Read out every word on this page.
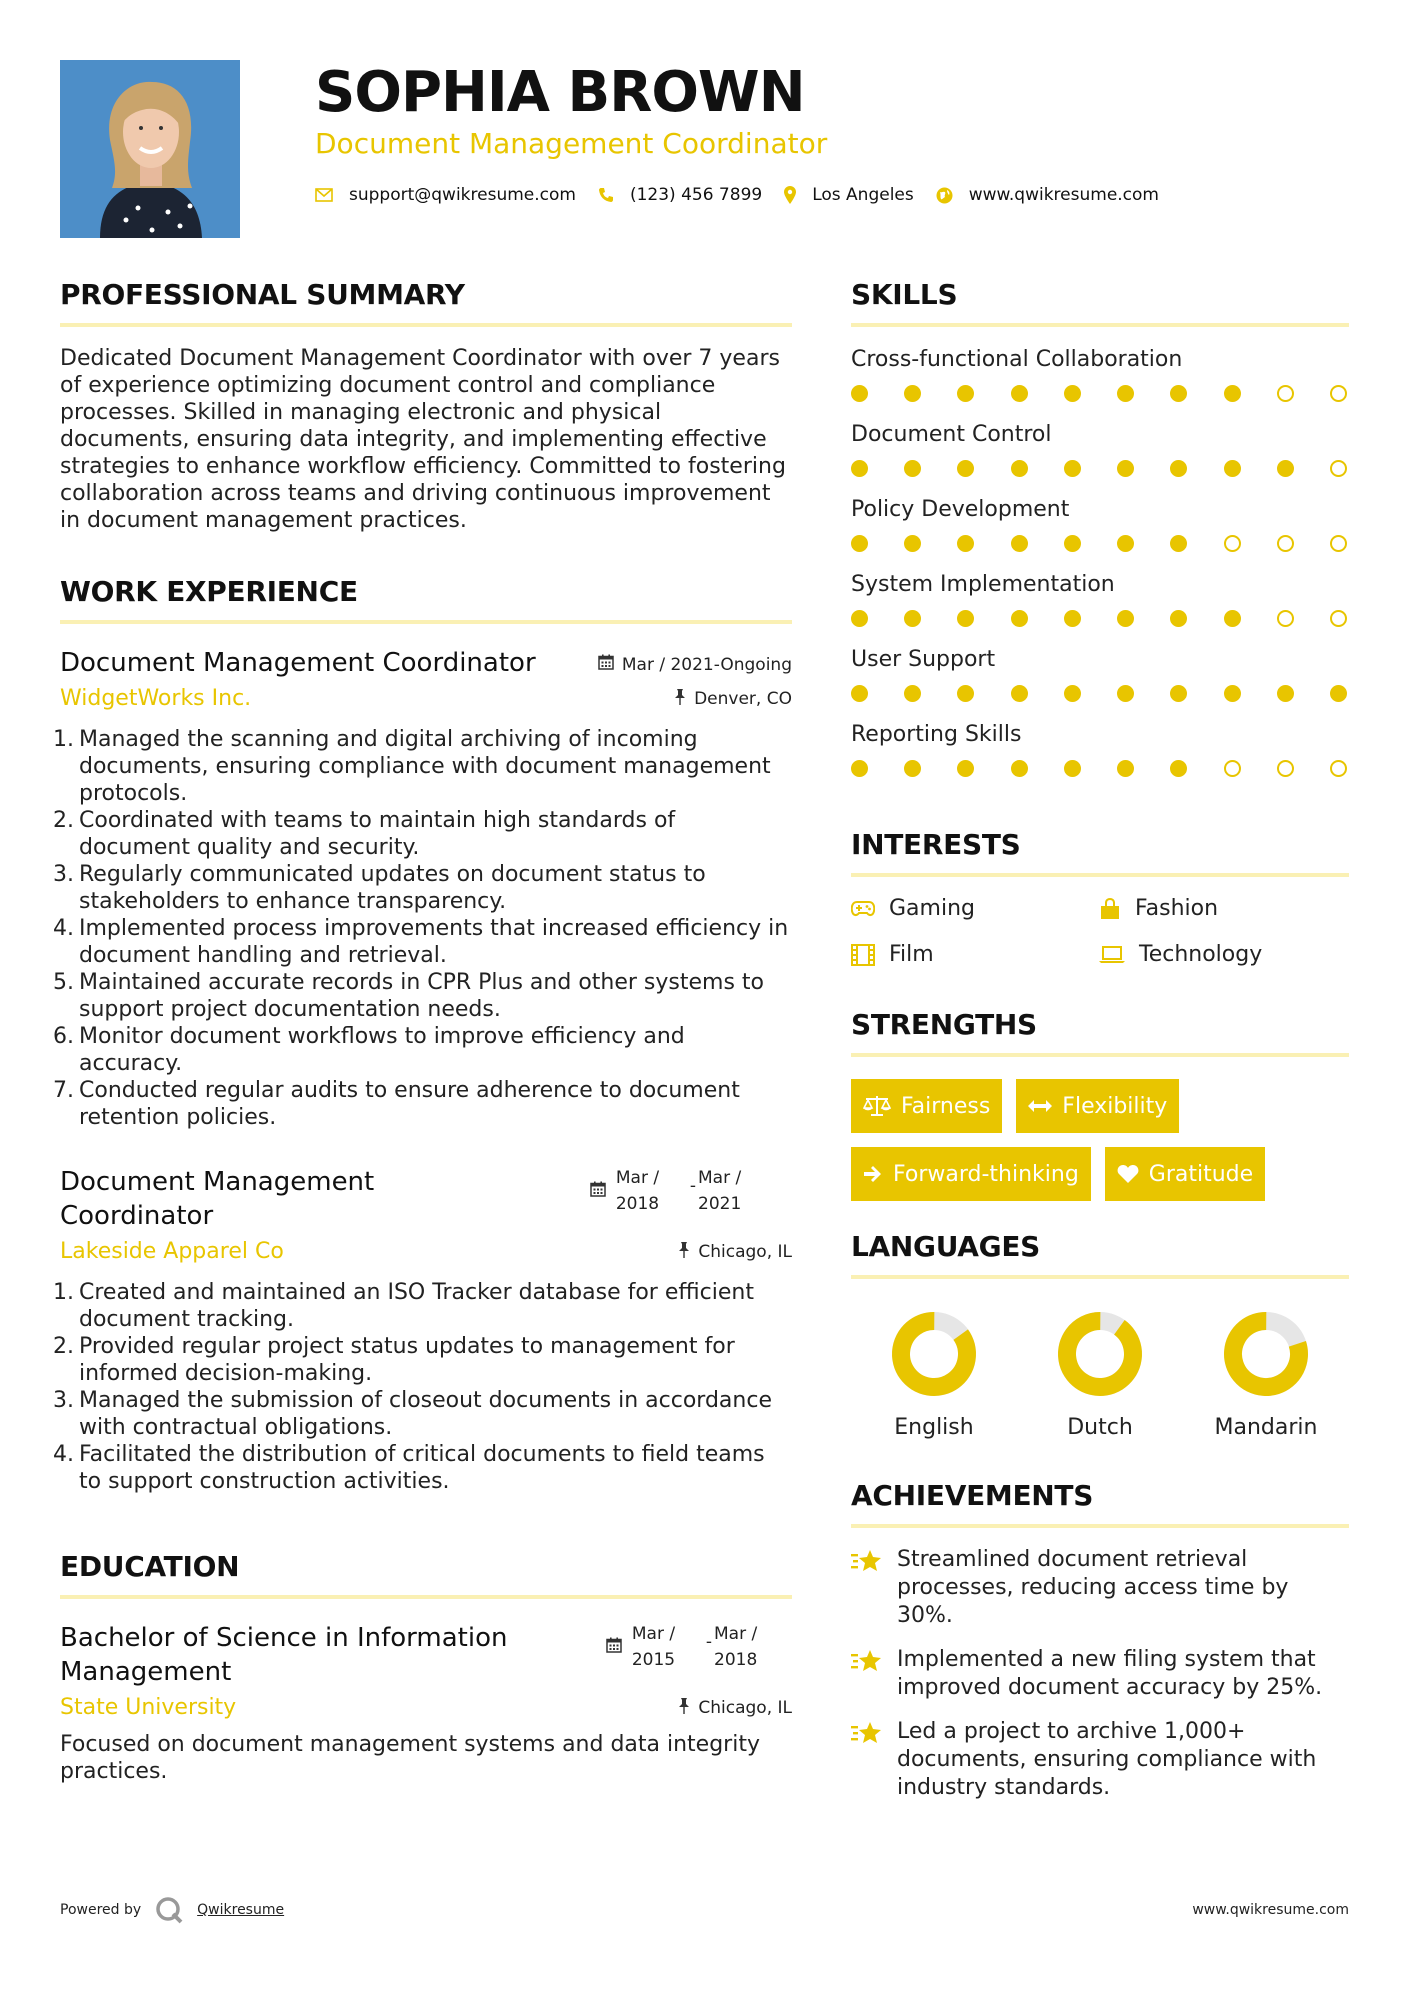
SOPHIA BROWN
Document Management Coordinator
support@qwikresume.com	(123) 456 7899	Los Angeles	www.qwikresume.com
PROFESSIONAL SUMMARY

Dedicated Document Management Coordinator with over 7 years of experience optimizing document control and compliance processes. Skilled in managing electronic and physical documents, ensuring data integrity, and implementing effective strategies to enhance workflow efficiency. Committed to fostering collaboration across teams and driving continuous improvement in document management practices.

WORK EXPERIENCE
Document Management Coordinator	Mar / 2021-Ongoing
WidgetWorks Inc.	Denver, CO
1. Managed the scanning and digital archiving of incoming documents, ensuring compliance with document management protocols.
2. Coordinated with teams to maintain high standards of document quality and security.
3. Regularly communicated updates on document status to stakeholders to enhance transparency.
4. Implemented process improvements that increased efficiency in document handling and retrieval.
5. Maintained accurate records in CPR Plus and other systems to support project documentation needs.
6. Monitor document workflows to improve efficiency and accuracy.
7. Conducted regular audits to ensure adherence to document retention policies.
Document Management Coordinator
Mar / 2018
- Mar / 2021
Lakeside Apparel Co	Chicago, IL
1. Created and maintained an ISO Tracker database for efficient document tracking.
2. Provided regular project status updates to management for informed decision-making.
3. Managed the submission of closeout documents in accordance with contractual obligations.
4. Facilitated the distribution of critical documents to field teams to support construction activities.
EDUCATION
Bachelor of Science in Information Management
Mar / 2015
- Mar / 2018
State University	Chicago, IL

Focused on document management systems and data integrity practices.

SKILLS
Cross-functional Collaboration
Document Control
Policy Development
System Implementation
User Support
Reporting Skills
INTERESTS
Gaming	Fashion
Film	Technology
STRENGTHS
Fairness	Flexibility
Forward-thinking	Gratitude
LANGUAGES
English	Dutch	Mandarin
ACHIEVEMENTS
Streamlined document retrieval processes, reducing access time by 30%.
Implemented a new filing system that improved document accuracy by 25%.
Led a project to archive 1,000+ documents, ensuring compliance with industry standards.
Powered by	Qwikresume	www.qwikresume.com
